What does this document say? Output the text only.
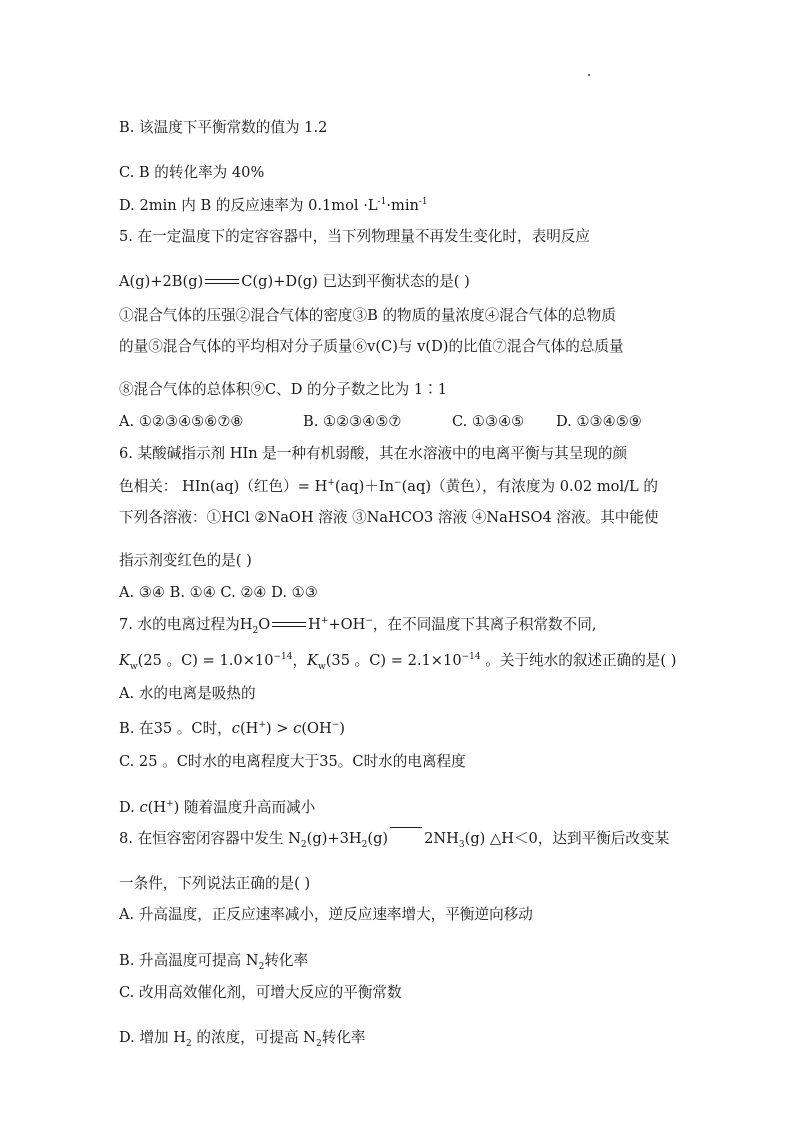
B. 该温度下平衡常数的值为 1.2
C. B 的转化率为 40%
D. 2min 内 B 的反应速率为 $0.1mol \cdot L^{-1}\cdot\min^{-1}$
5. 在一定温度下的定容容器中，当下列物理量不再发生变化时，表明反应
A(g)+2B(g)	C(g)+D(g) 已达到平衡状态的是( )
①混合气体的压强②混合气体的密度③B 的物质的量浓度④混合气体的总物质
的量⑤混合气体的平均相对分子质量⑥v(C)与 v(D)的比值⑦混合气体的总质量
⑧混合气体的总体积⑨C、D 的分子数之比为 1∶1
A. ①②③④⑤⑥⑦⑧	B. ①②③④⑤⑦	C. ①③④⑤ D. ①③④⑤⑨
6. 某酸碱指示剂 HIn 是一种有机弱酸，其在水溶液中的电离平衡与其呈现的颜
色相关： HIn(aq)（红色）= H+(aq)＋In−(aq)（黄色），有浓度为 0.02 mol/L 的
下列各溶液：①HCl ②NaOH 溶液 ③NaHCO3 溶液 ④NaHSO4 溶液。其中能使
指示剂变红色的是( )
A. ③④ B. ①④ C. ②④ D. ①③
7. 水的电离过程为$H_2O$	H++OH−，在不同温度下其离子积常数不同,
$K_w(25$ 。$C) = 1.0\times 10^{-14}$，$K_w(35$ 。$C) = 2.1\times 10^{-14}$ 。关于纯水的叙述正确的是( )
A. 水的电离是吸热的
B. 在35 。C时，c(H+) > c(OH−)
C. 25 。C时水的电离程度大于35。C时水的电离程度
D. c(H+) 随着温度升高而减小
8. 在恒容密闭容器中发生 $N_2(g)+3H_2(g)$ $2NH_3(g)$ △H＜0，达到平衡后改变某
一条件，下列说法正确的是( )
A. 升高温度，正反应速率减小，逆反应速率增大，平衡逆向移动
B. 升高温度可提高 $N_2$转化率
C. 改用高效催化剂，可增大反应的平衡常数
D. 增加 $H_2$ 的浓度，可提高 $N_2$转化率
